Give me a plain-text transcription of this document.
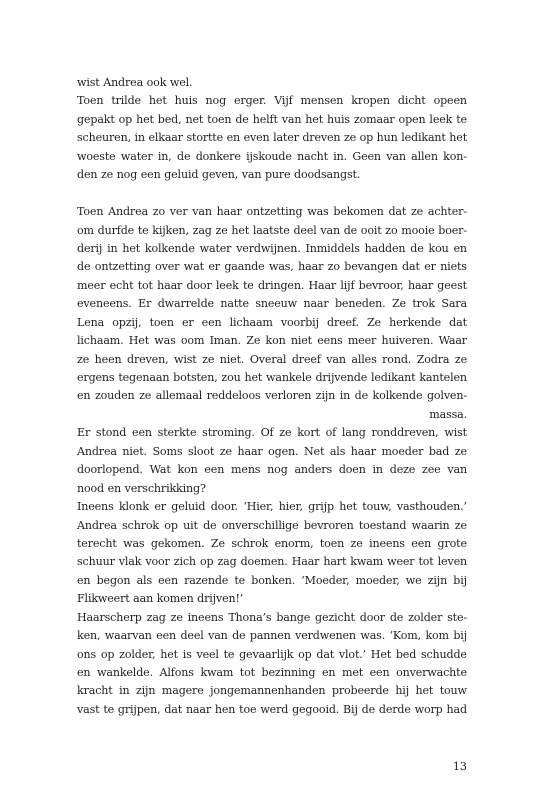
wist Andrea ook wel.
Toen trilde het huis nog erger. Vijf mensen kropen dicht opeen
gepakt op het bed, net toen de helft van het huis zomaar open leek te
scheuren, in elkaar stortte en even later dreven ze op hun ledikant het
woeste water in, de donkere ijskoude nacht in. Geen van allen kon-
den ze nog een geluid geven, van pure doodsangst.
Toen Andrea zo ver van haar ontzetting was bekomen dat ze achter-
om durfde te kijken, zag ze het laatste deel van de ooit zo mooie boer-
derij in het kolkende water verdwijnen. Inmiddels hadden de kou en
de ontzetting over wat er gaande was, haar zo bevangen dat er niets
meer echt tot haar door leek te dringen. Haar lijf bevroor, haar geest
eveneens. Er dwarrelde natte sneeuw naar beneden. Ze trok Sara
Lena opzij, toen er een lichaam voorbij dreef. Ze herkende dat
lichaam. Het was oom Iman. Ze kon niet eens meer huiveren. Waar
ze heen dreven, wist ze niet. Overal dreef van alles rond. Zodra ze
ergens tegenaan botsten, zou het wankele drijvende ledikant kantelen
en zouden ze allemaal reddeloos verloren zijn in de kolkende golven-
massa.
Er stond een sterkte stroming. Of ze kort of lang ronddreven, wist
Andrea niet. Soms sloot ze haar ogen. Net als haar moeder bad ze
doorlopend. Wat kon een mens nog anders doen in deze zee van
nood en verschrikking?
Ineens klonk er geluid door. ‘Hier, hier, grijp het touw, vasthouden.’
Andrea schrok op uit de onverschillige bevroren toestand waarin ze
terecht was gekomen. Ze schrok enorm, toen ze ineens een grote
schuur vlak voor zich op zag doemen. Haar hart kwam weer tot leven
en begon als een razende te bonken. ‘Moeder, moeder, we zijn bij
Flikweert aan komen drijven!’
Haarscherp zag ze ineens Thona’s bange gezicht door de zolder ste-
ken, waarvan een deel van de pannen verdwenen was. ‘Kom, kom bij
ons op zolder, het is veel te gevaarlijk op dat vlot.’ Het bed schudde
en wankelde. Alfons kwam tot bezinning en met een onverwachte
kracht in zijn magere jongemannenhanden probeerde hij het touw
vast te grijpen, dat naar hen toe werd gegooid. Bij de derde worp had
13
